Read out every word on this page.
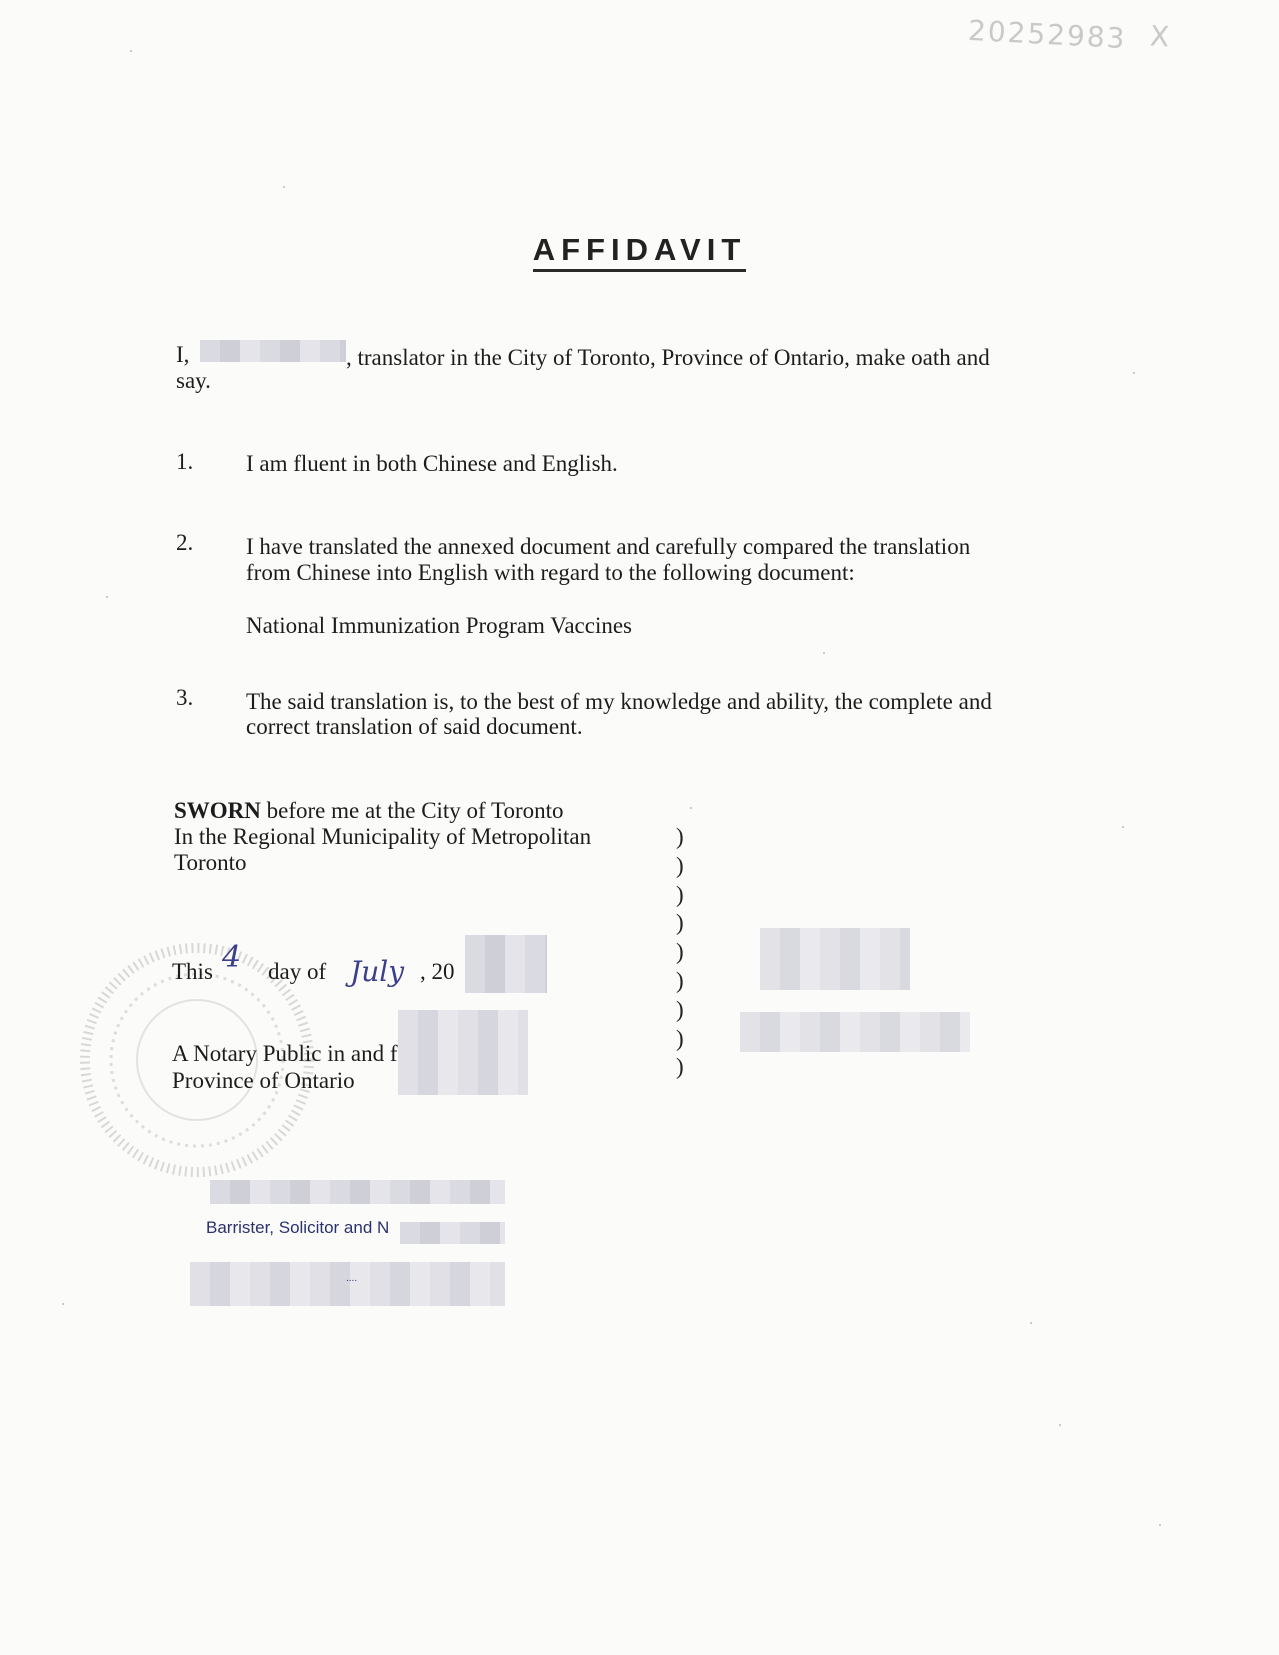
20252983 X
AFFIDAVIT
I,	, translator in the City of Toronto, Province of Ontario, make oath and
say.
1. I am fluent in both Chinese and English.
2. I have translated the annexed document and carefully compared the translation
from Chinese into English with regard to the following document:
National Immunization Program Vaccines
3. The said translation is, to the best of my knowledge and ability, the complete and
correct translation of said document.
SWORN before me at the City of Toronto
In the Regional Municipality of Metropolitan
Toronto
)
)
)
)
)
)
)
)
)
This 4 day of July , 20
A Notary Public in and f
Province of Ontario
Barrister, Solicitor and N
....
